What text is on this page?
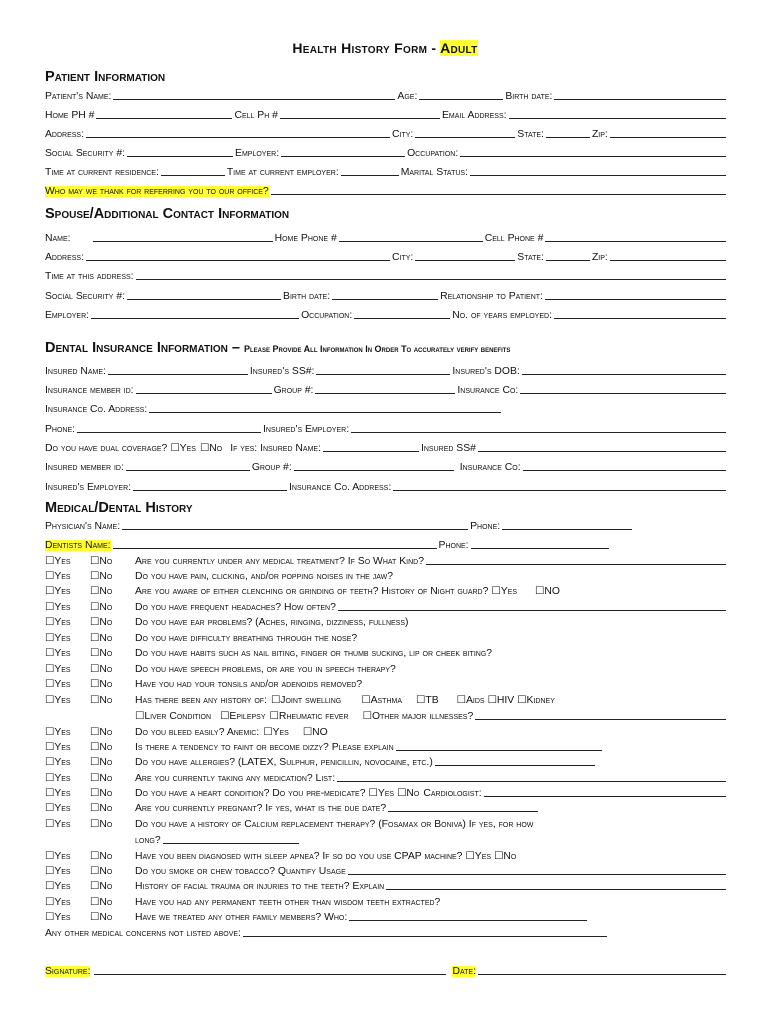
Health History Form - Adult
Patient Information
Patient's Name:	Age:	Birth date:
Home PH #	Cell Ph #	Email Address:
Address:	City:	State:	Zip:
Social Security #:	Employer:	Occupation:
Time at current residence:	Time at current employer:	Marital Status:
Who may we thank for referring you to our office?
Spouse/Additional Contact Information
Name:	Home Phone #	Cell Phone #
Address:	City:	State:	Zip:
Time at this address:
Social Security #:	Birth date:	Relationship to Patient:
Employer:	Occupation:	No. of years employed:
Dental Insurance Information – Please Provide All Information In Order To accurately verify benefits
Insured Name:	Insured's SS#:	Insured's DOB:
Insurance member id:	Group #:	Insurance Co:
Insurance Co. Address:
Phone:	Insured's Employer:
Do you have dual coverage? ☐Yes ☐No If yes: Insured Name:	Insured SS#
Insured member id:	Group #:	Insurance Co:
Insured's Employer:	Insurance Co. Address:
Medical/Dental History
Physician's Name:	Phone:
Dentists Name:	Phone:
☐Yes	☐No	Are you currently under any medical treatment? If So What Kind?
☐Yes	☐No	Do you have pain, clicking, and/or popping noises in the jaw?
☐Yes	☐No	Are you aware of either clenching or grinding of teeth? History of Night guard? ☐Yes ☐NO
☐Yes	☐No	Do you have frequent headaches? How often?
☐Yes	☐No	Do you have ear problems? (Aches, ringing, dizziness, fullness)
☐Yes	☐No	Do you have difficulty breathing through the nose?
☐Yes	☐No	Do you have habits such as nail biting, finger or thumb sucking, lip or cheek biting?
☐Yes	☐No	Do you have speech problems, or are you in speech therapy?
☐Yes	☐No	Have you had your tonsils and/or adenoids removed?
☐Yes	☐No	Has there been any history of: ☐Joint swelling ☐Asthma ☐TB ☐Aids ☐HIV ☐Kidney
☐Liver Condition ☐Epilepsy ☐Rheumatic fever ☐Other major illnesses?
☐Yes	☐No	Do you bleed easily? Anemic: ☐Yes ☐NO
☐Yes	☐No	Is there a tendency to faint or become dizzy? Please explain
☐Yes	☐No	Do you have allergies? (LATEX, Sulphur, penicillin, novocaine, etc.)
☐Yes	☐No	Are you currently taking any medication? List:
☐Yes	☐No	Do you have a heart condition? Do you pre-medicate? ☐Yes ☐No Cardiologist:
☐Yes	☐No	Are you currently pregnant? If yes, what is the due date?
☐Yes	☐No	Do you have a history of Calcium replacement therapy? (Fosamax or Boniva) If yes, for how
long?
☐Yes	☐No	Have you been diagnosed with sleep apnea? If so do you use CPAP machine? ☐Yes ☐No
☐Yes	☐No	Do you smoke or chew tobacco? Quantify Usage
☐Yes	☐No	History of facial trauma or injuries to the teeth? Explain
☐Yes	☐No	Have you had any permanent teeth other than wisdom teeth extracted?
☐Yes	☐No	Have we treated any other family members? Who:
Any other medical concerns not listed above:
Signature:	Date:
